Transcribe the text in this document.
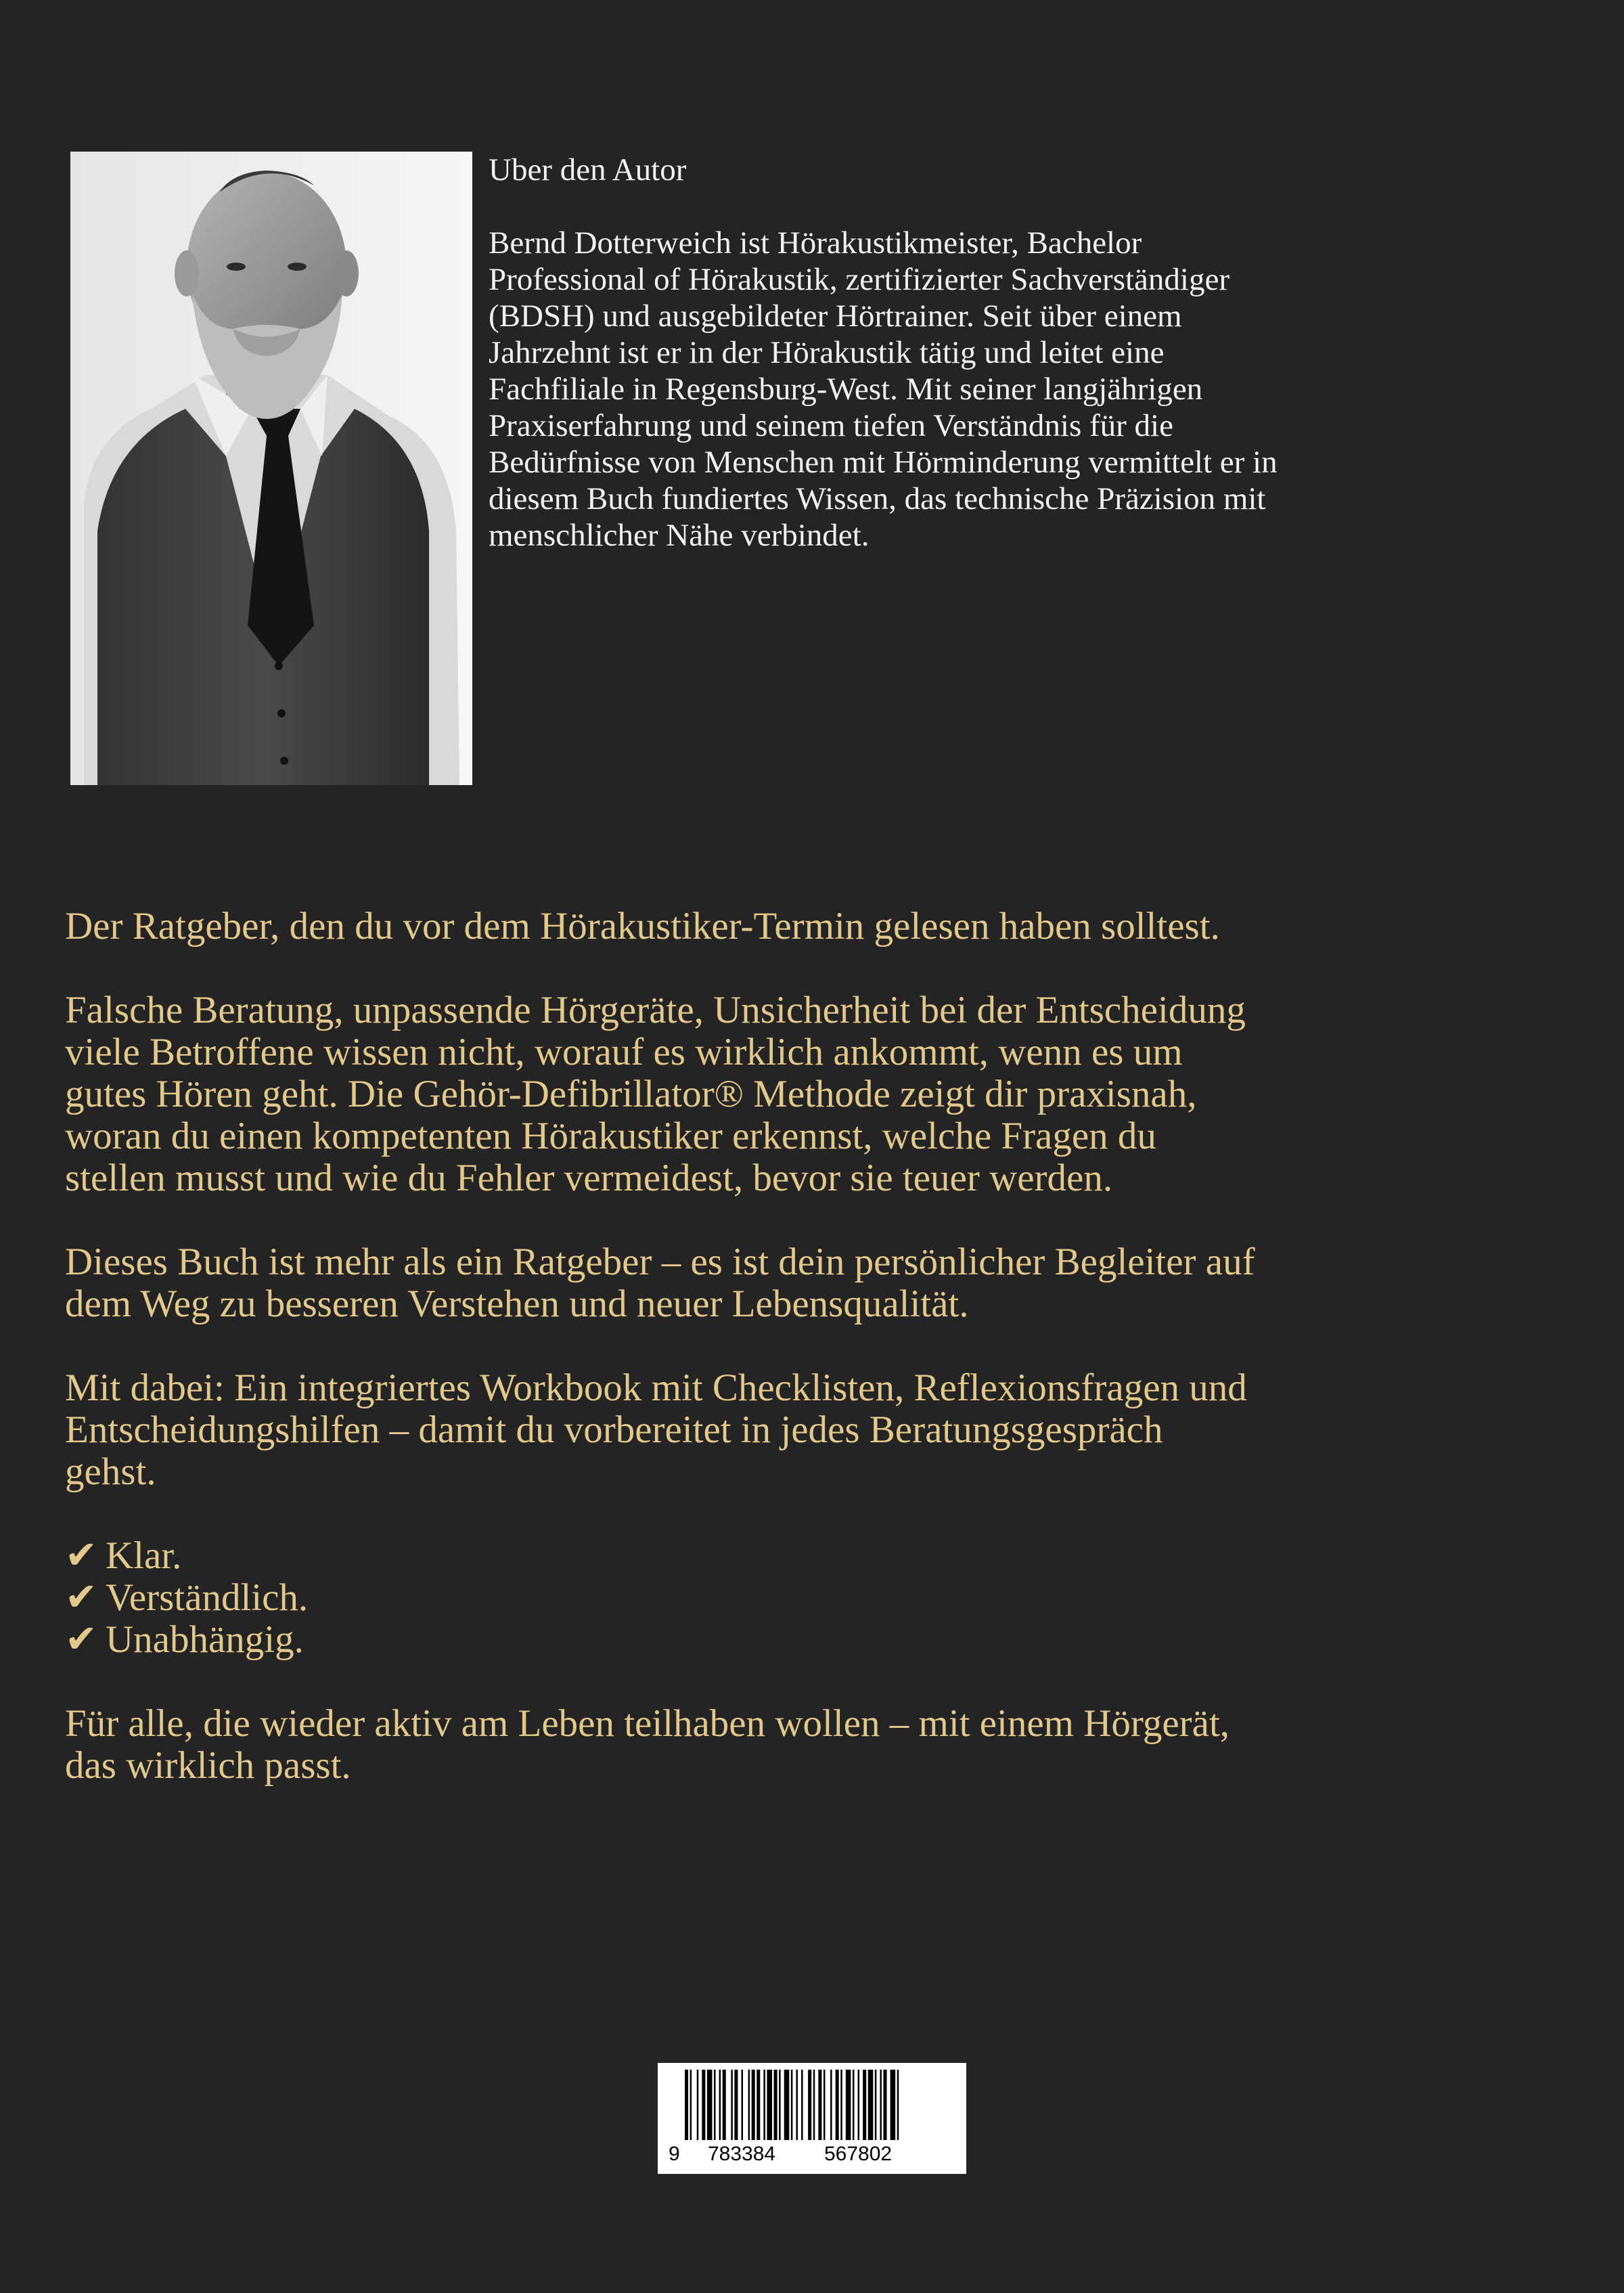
Uber den Autor

Bernd Dotterweich ist Hörakustikmeister, Bachelor
Professional of Hörakustik, zertifizierter Sachverständiger
(BDSH) und ausgebildeter Hörtrainer. Seit über einem
Jahrzehnt ist er in der Hörakustik tätig und leitet eine
Fachfiliale in Regensburg-West. Mit seiner langjährigen
Praxiserfahrung und seinem tiefen Verständnis für die
Bedürfnisse von Menschen mit Hörminderung vermittelt er in
diesem Buch fundiertes Wissen, das technische Präzision mit
menschlicher Nähe verbindet.

Der Ratgeber, den du vor dem Hörakustiker-Termin gelesen haben solltest.

Falsche Beratung, unpassende Hörgeräte, Unsicherheit bei der Entscheidung
viele Betroffene wissen nicht, worauf es wirklich ankommt, wenn es um
gutes Hören geht. Die Gehör-Defibrillator® Methode zeigt dir praxisnah,
woran du einen kompetenten Hörakustiker erkennst, welche Fragen du
stellen musst und wie du Fehler vermeidest, bevor sie teuer werden.

Dieses Buch ist mehr als ein Ratgeber – es ist dein persönlicher Begleiter auf
dem Weg zu besseren Verstehen und neuer Lebensqualität.

Mit dabei: Ein integriertes Workbook mit Checklisten, Reflexionsfragen und
Entscheidungshilfen – damit du vorbereitet in jedes Beratungsgespräch
gehst.

✔ Klar.
✔ Verständlich.
✔ Unabhängig.

Für alle, die wieder aktiv am Leben teilhaben wollen – mit einem Hörgerät,
das wirklich passt.

9 783384 567802
